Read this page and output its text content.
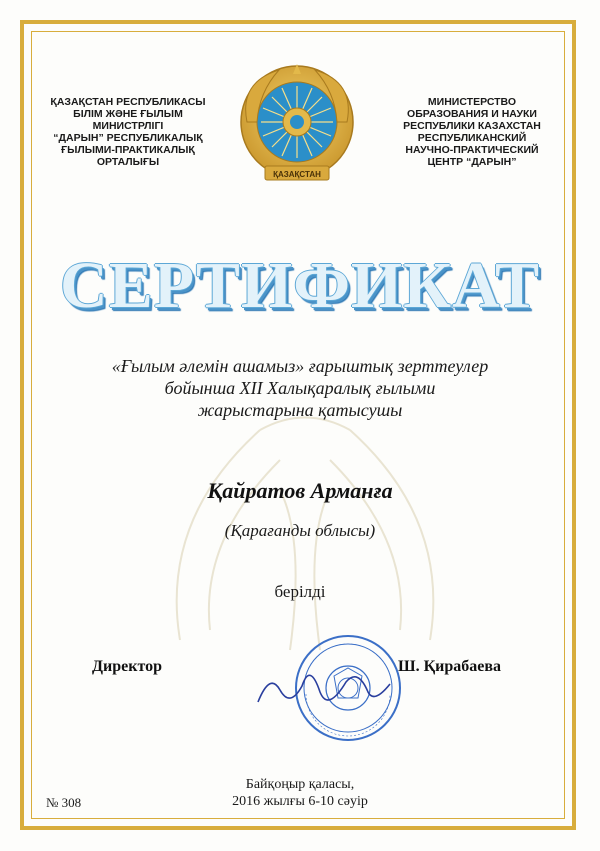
ҚАЗАҚСТАН РЕСПУБЛИКАСЫ
БІЛІМ ЖӘНЕ ҒЫЛЫМ
МИНИСТРЛІГІ
“ДАРЫН” РЕСПУБЛИКАЛЫҚ
ҒЫЛЫМИ-ПРАКТИКАЛЫҚ
ОРТАЛЫҒЫ
ҚАЗАҚСТАН
МИНИСТЕРСТВО
ОБРАЗОВАНИЯ И НАУКИ
РЕСПУБЛИКИ КАЗАХСТАН
РЕСПУБЛИКАНСКИЙ
НАУЧНО-ПРАКТИЧЕСКИЙ
ЦЕНТР “ДАРЫН”
СЕРТИФИКАТ
«Ғылым әлемін ашамыз» ғарыштық зерттеулер
бойынша XII Халықаралық ғылыми
жарыстарына қатысушы
Қайратов Арманға
(Қарағанды облысы)
берілді
Директор	Ш. Қирабаева
Байқоңыр қаласы,
2016 жылғы 6-10 сәуір
№ 308
